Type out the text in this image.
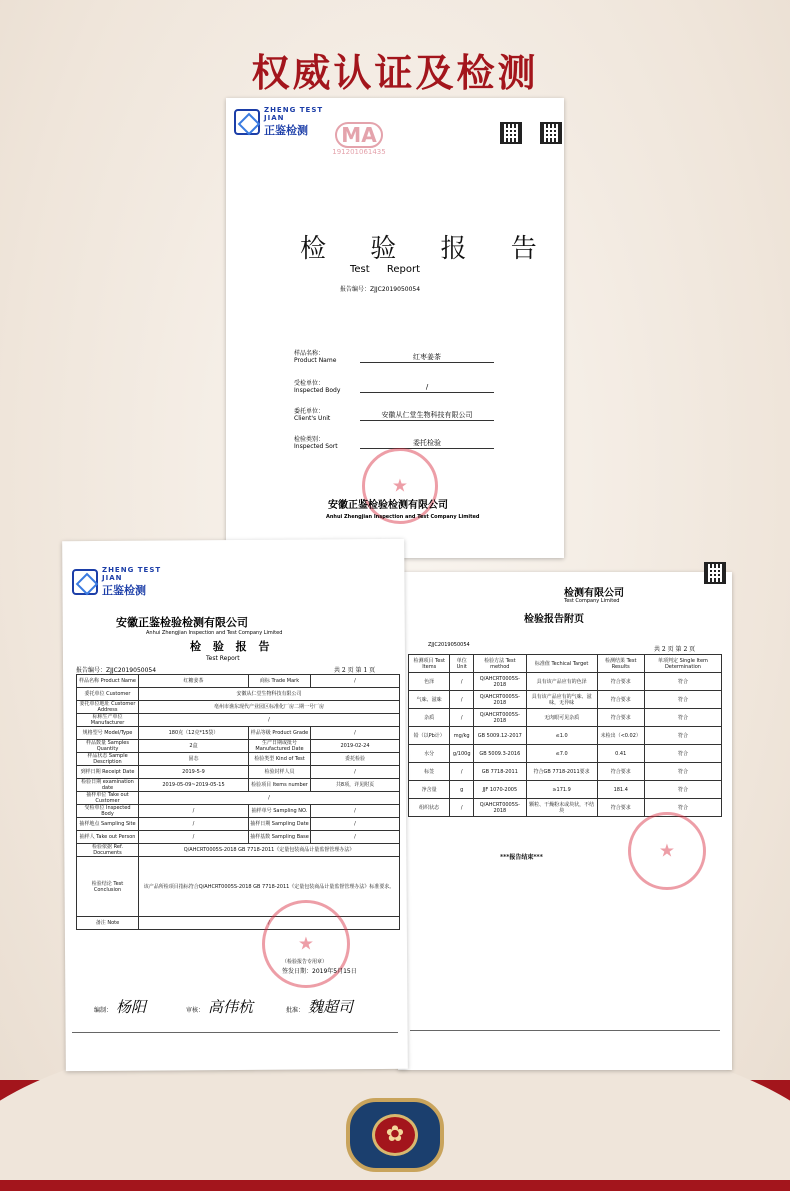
权威认证及检测
ZHENG TEST
JIAN
正鉴检测	MA
191201061435
检 验 报 告
Test Report
报告编号：ZJJC2019050054
样品名称：
Product Name	红枣姜茶
受检单位：
Inspected Body	/
委托单位：
Client's Unit	安徽从仁堂生物科技有限公司
检验类别：
Inspected Sort	委托检验
★
安徽正鉴检验检测有限公司
Anhui Zhengjian Inspection and Test Company Limited
检测有限公司
Test Company Limited
检验报告附页
ZJJC2019050054
共 2 页 第 2 页
检测项目 Test Items	单位 Unit	检验方法 Test method	标准值 Techical Target	检测结果 Test Results	单项判定 Single Item Determination
色泽	/	Q/AHCRT0005S-2018	具有该产品应有的色泽	符合要求	符合
气味、滋味	/	Q/AHCRT0005S-2018	具有该产品应有的气味、滋味，无异味	符合要求	符合
杂质	/	Q/AHCRT0005S-2018	无肉眼可见杂质	符合要求	符合
铅（以Pb计）	mg/kg	GB 5009.12-2017	≤1.0	未检出（<0.02）	符合
水分	g/100g	GB 5009.3-2016	≤7.0	0.41	符合
标签	/	GB 7718-2011	符合GB 7718-2011要求	符合要求	符合
净含量	g	JJF 1070-2005	≥171.9	181.4	符合
组织状态	/	Q/AHCRT0005S-2018	颗粒、干燥粉末或块状，不结块	符合要求	符合
***报告结束***
★
ZHENG TEST
JIAN
正鉴检测
安徽正鉴检验检测有限公司
Anhui Zhengjian Inspection and Test Company Limited
检 验 报 告
Test Report
报告编号：ZJJC2019050054	共 2 页 第 1 页
样品名称 Product Name	红糖姜茶	商标 Trade Mark	/
委托单位 Customer	安徽从仁堂生物科技有限公司		
委托单位地址 Customer Address	亳州市谯东现代产业园区标准化厂房二期一号厂房		
标称生产单位 Manufacturer	/		
规格型号 Model/Type	180克（12克*15袋）	样品等级 Product Grade	/
样品数量 Samples Quantity	2盒	生产日期或批号 Manufactured Date	2019-02-24
样品状态 Sample Description	固态	检验类型 Kind of Test	委托检验
到样日期 Receipt Date	2019-5-9	检验封样人员	/
检验日期 examination date	2019-05-09~2019-05-15	检验项目 Items number	共8项，详见附页
抽样单位 Take out Customer	/		
受检单位 Inspected Body	/	抽样单号 Sampling NO.	/
抽样地点 Sampling Site	/	抽样日期 Sampling Date	/
抽样人 Take out Person	/	抽样基数 Sampling Base	/
检验依据 Ref. Documents	Q/AHCRT0005S-2018 GB 7718-2011《定量包装商品计量监督管理办法》		
检验结论 Test Conclusion	该产品所检项目指标符合Q/AHCRT0005S-2018 GB 7718-2011《定量包装商品计量监督管理办法》标准要求。		
备注 Note	/		
★
（检验报告专用章）
签发日期：2019年5月15日
编制： 杨阳	审核： 高伟杭	批准： 魏超司
✿
